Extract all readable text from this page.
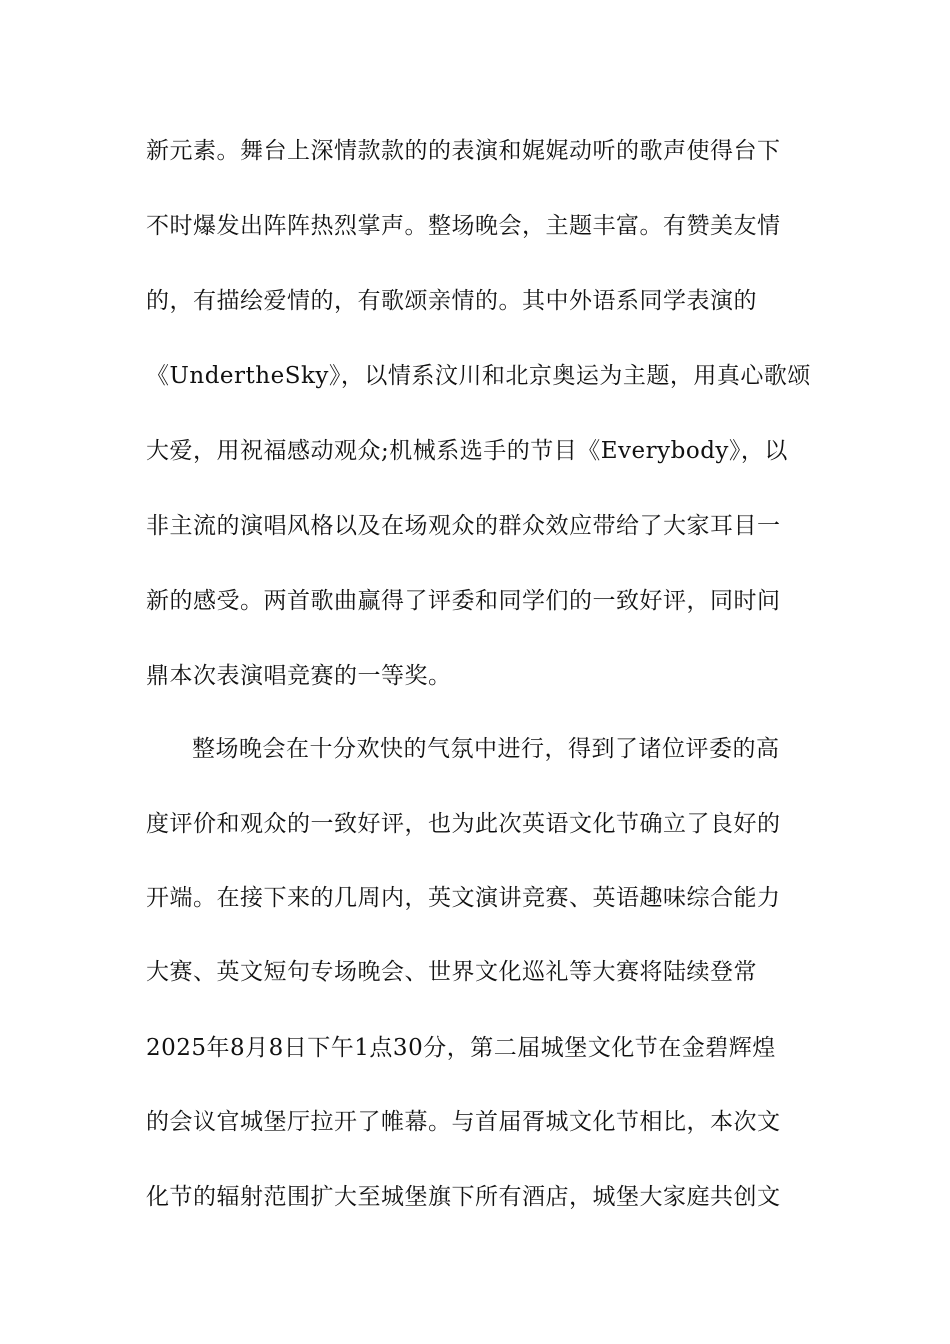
新元素。舞台上深情款款的的表演和娓娓动听的歌声使得台下
不时爆发出阵阵热烈掌声。整场晚会，主题丰富。有赞美友情
的，有描绘爱情的，有歌颂亲情的。其中外语系同学表演的
《UndertheSky》，以情系汶川和北京奥运为主题，用真心歌颂
大爱，用祝福感动观众;机械系选手的节目《Everybody》，以
非主流的演唱风格以及在场观众的群众效应带给了大家耳目一
新的感受。两首歌曲赢得了评委和同学们的一致好评，同时问
鼎本次表演唱竞赛的一等奖。
整场晚会在十分欢快的气氛中进行，得到了诸位评委的高
度评价和观众的一致好评，也为此次英语文化节确立了良好的
开端。在接下来的几周内，英文演讲竞赛、英语趣味综合能力
大赛、英文短句专场晚会、世界文化巡礼等大赛将陆续登常
2025年8月8日下午1点30分，第二届城堡文化节在金碧辉煌
的会议官城堡厅拉开了帷幕。与首届胥城文化节相比，本次文
化节的辐射范围扩大至城堡旗下所有酒店，城堡大家庭共创文
